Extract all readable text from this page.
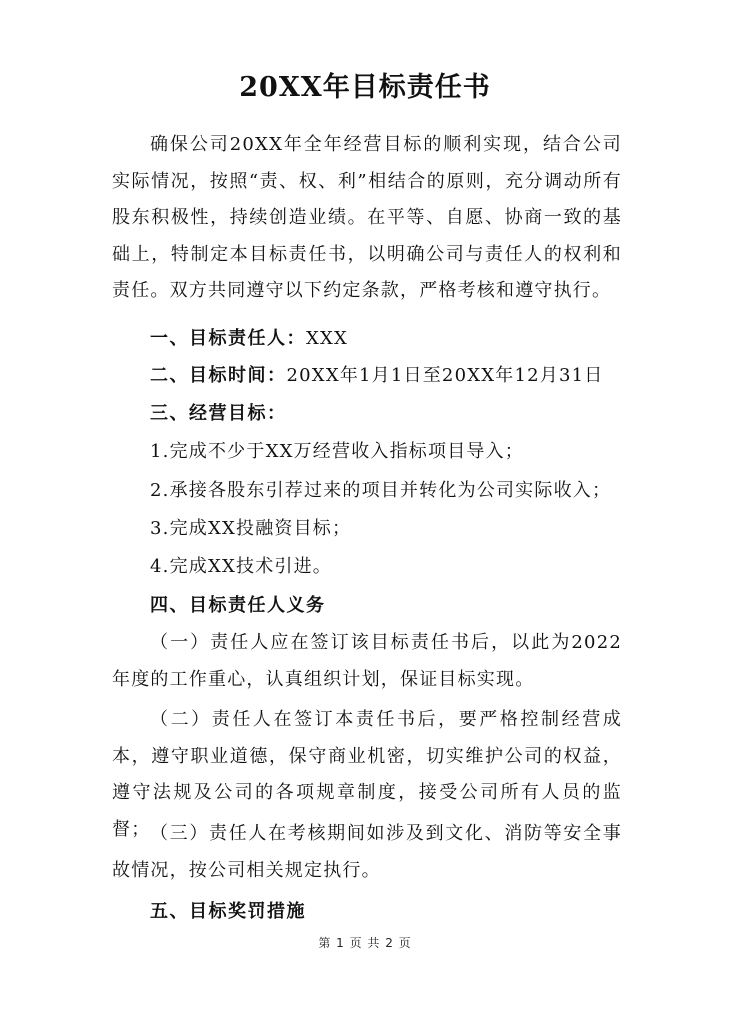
20XX年目标责任书

确保公司20XX年全年经营目标的顺利实现，结合公司实际情况，按照“责、权、利”相结合的原则，充分调动所有股东积极性，持续创造业绩。在平等、自愿、协商一致的基础上，特制定本目标责任书，以明确公司与责任人的权利和责任。双方共同遵守以下约定条款，严格考核和遵守执行。

一、目标责任人：XXX
二、目标时间：20XX年1月1日至20XX年12月31日
三、经营目标：
1.完成不少于XX万经营收入指标项目导入；
2.承接各股东引荐过来的项目并转化为公司实际收入；
3.完成XX投融资目标；
4.完成XX技术引进。
四、目标责任人义务

（一）责任人应在签订该目标责任书后，以此为2022年度的工作重心，认真组织计划，保证目标实现。

（二）责任人在签订本责任书后，要严格控制经营成本，遵守职业道德，保守商业机密，切实维护公司的权益，遵守法规及公司的各项规章制度，接受公司所有人员的监督； （三）责任人在考核期间如涉及到文化、消防等安全事故情况，按公司相关规定执行。

五、目标奖罚措施
第 1 页 共 2 页
